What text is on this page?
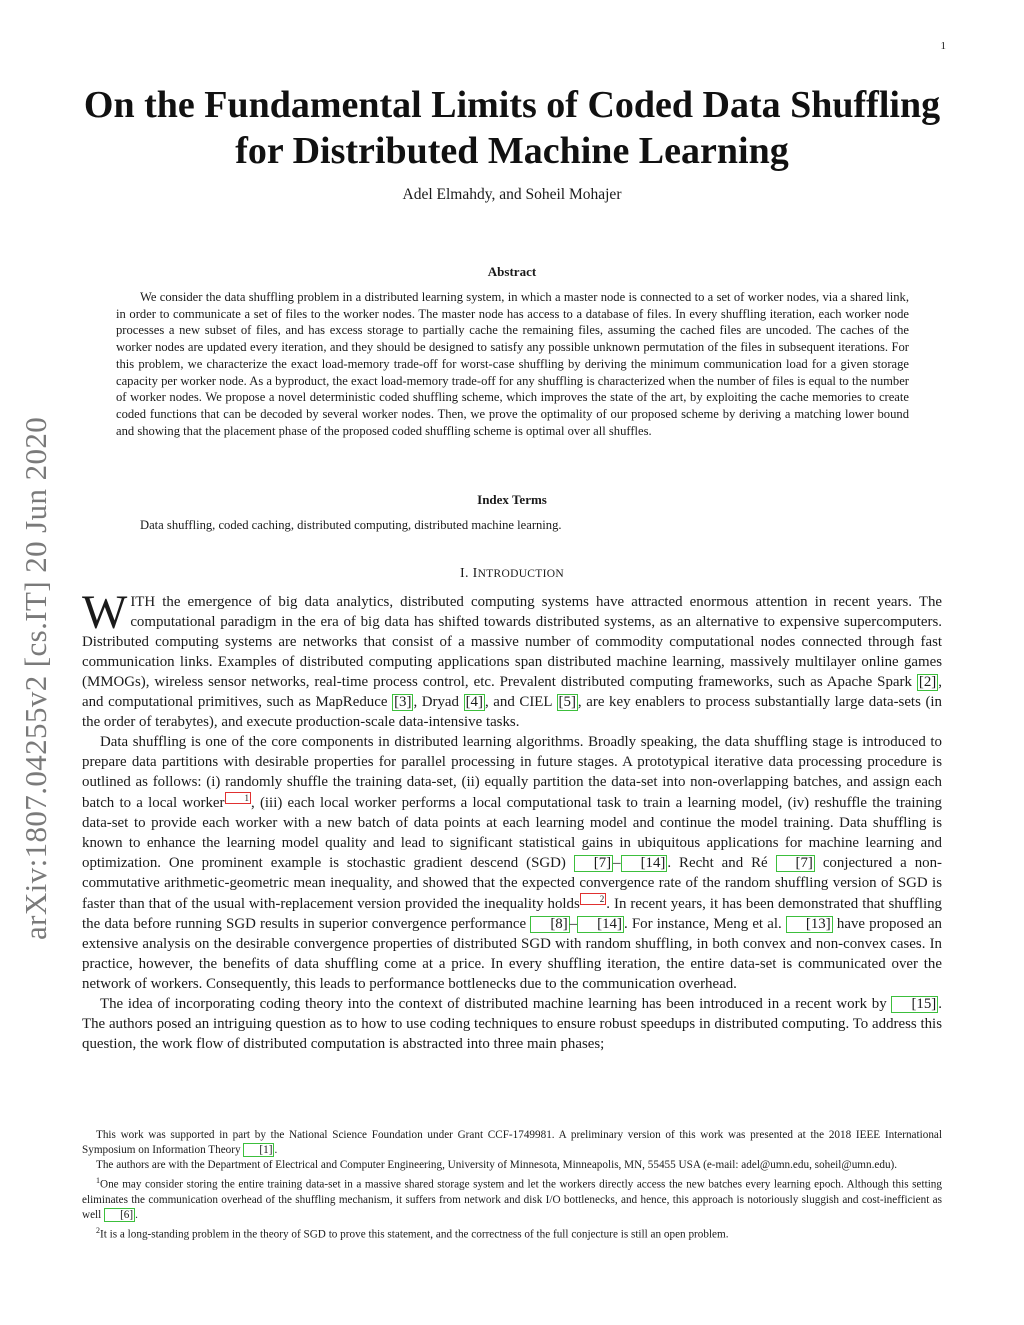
1
arXiv:1807.04255v2 [cs.IT] 20 Jun 2020
On the Fundamental Limits of Coded Data Shuffling
for Distributed Machine Learning
Adel Elmahdy, and Soheil Mohajer
Abstract

We consider the data shuffling problem in a distributed learning system, in which a master node is connected to a set of worker nodes, via a shared link, in order to communicate a set of files to the worker nodes. The master node has access to a database of files. In every shuffling iteration, each worker node processes a new subset of files, and has excess storage to partially cache the remaining files, assuming the cached files are uncoded. The caches of the worker nodes are updated every iteration, and they should be designed to satisfy any possible unknown permutation of the files in subsequent iterations. For this problem, we characterize the exact load-memory trade-off for worst-case shuffling by deriving the minimum communication load for a given storage capacity per worker node. As a byproduct, the exact load-memory trade-off for any shuffling is characterized when the number of files is equal to the number of worker nodes. We propose a novel deterministic coded shuffling scheme, which improves the state of the art, by exploiting the cache memories to create coded functions that can be decoded by several worker nodes. Then, we prove the optimality of our proposed scheme by deriving a matching lower bound and showing that the placement phase of the proposed coded shuffling scheme is optimal over all shuffles.

Index Terms

Data shuffling, coded caching, distributed computing, distributed machine learning.

I. INTRODUCTION

WITH the emergence of big data analytics, distributed computing systems have attracted enormous attention in recent years. The computational paradigm in the era of big data has shifted towards distributed systems, as an alternative to expensive supercomputers. Distributed computing systems are networks that consist of a massive number of commodity computational nodes connected through fast communication links. Examples of distributed computing applications span distributed machine learning, massively multilayer online games (MMOGs), wireless sensor networks, real-time process control, etc. Prevalent distributed computing frameworks, such as Apache Spark [2] , and computational primitives, such as MapReduce [3] , Dryad [4] , and CIEL [5] , are key enablers to process substantially large data-sets (in the order of terabytes), and execute production-scale data-intensive tasks.

Data shuffling is one of the core components in distributed learning algorithms. Broadly speaking, the data shuffling stage is introduced to prepare data partitions with desirable properties for parallel processing in future stages. A prototypical iterative data processing procedure is outlined as follows: (i) randomly shuffle the training data-set, (ii) equally partition the data-set into non-overlapping batches, and assign each batch to a local worker 1 , (iii) each local worker performs a local computational task to train a learning model, (iv) reshuffle the training data-set to provide each worker with a new batch of data points at each learning model and continue the model training. Data shuffling is known to enhance the learning model quality and lead to significant statistical gains in ubiquitous applications for machine learning and optimization. One prominent example is stochastic gradient descend (SGD) [7] – [14] . Recht and Ré [7] conjectured a non-commutative arithmetic-geometric mean inequality, and showed that the expected convergence rate of the random shuffling version of SGD is faster than that of the usual with-replacement version provided the inequality holds 2 . In recent years, it has been demonstrated that shuffling the data before running SGD results in superior convergence performance [8] – [14] . For instance, Meng et al. [13] have proposed an extensive analysis on the desirable convergence properties of distributed SGD with random shuffling, in both convex and non-convex cases. In practice, however, the benefits of data shuffling come at a price. In every shuffling iteration, the entire data-set is communicated over the network of workers. Consequently, this leads to performance bottlenecks due to the communication overhead.

The idea of incorporating coding theory into the context of distributed machine learning has been introduced in a recent work by [15] . The authors posed an intriguing question as to how to use coding techniques to ensure robust speedups in distributed computing. To address this question, the work flow of distributed computation is abstracted into three main phases;

This work was supported in part by the National Science Foundation under Grant CCF-1749981. A preliminary version of this work was presented at the 2018 IEEE International Symposium on Information Theory [1] .

The authors are with the Department of Electrical and Computer Engineering, University of Minnesota, Minneapolis, MN, 55455 USA (e-mail: adel@umn.edu, soheil@umn.edu).

$^1$One may consider storing the entire training data-set in a massive shared storage system and let the workers directly access the new batches every learning epoch. Although this setting eliminates the communication overhead of the shuffling mechanism, it suffers from network and disk I/O bottlenecks, and hence, this approach is notoriously sluggish and cost-inefficient as well [6] .

$^2$It is a long-standing problem in the theory of SGD to prove this statement, and the correctness of the full conjecture is still an open problem.
